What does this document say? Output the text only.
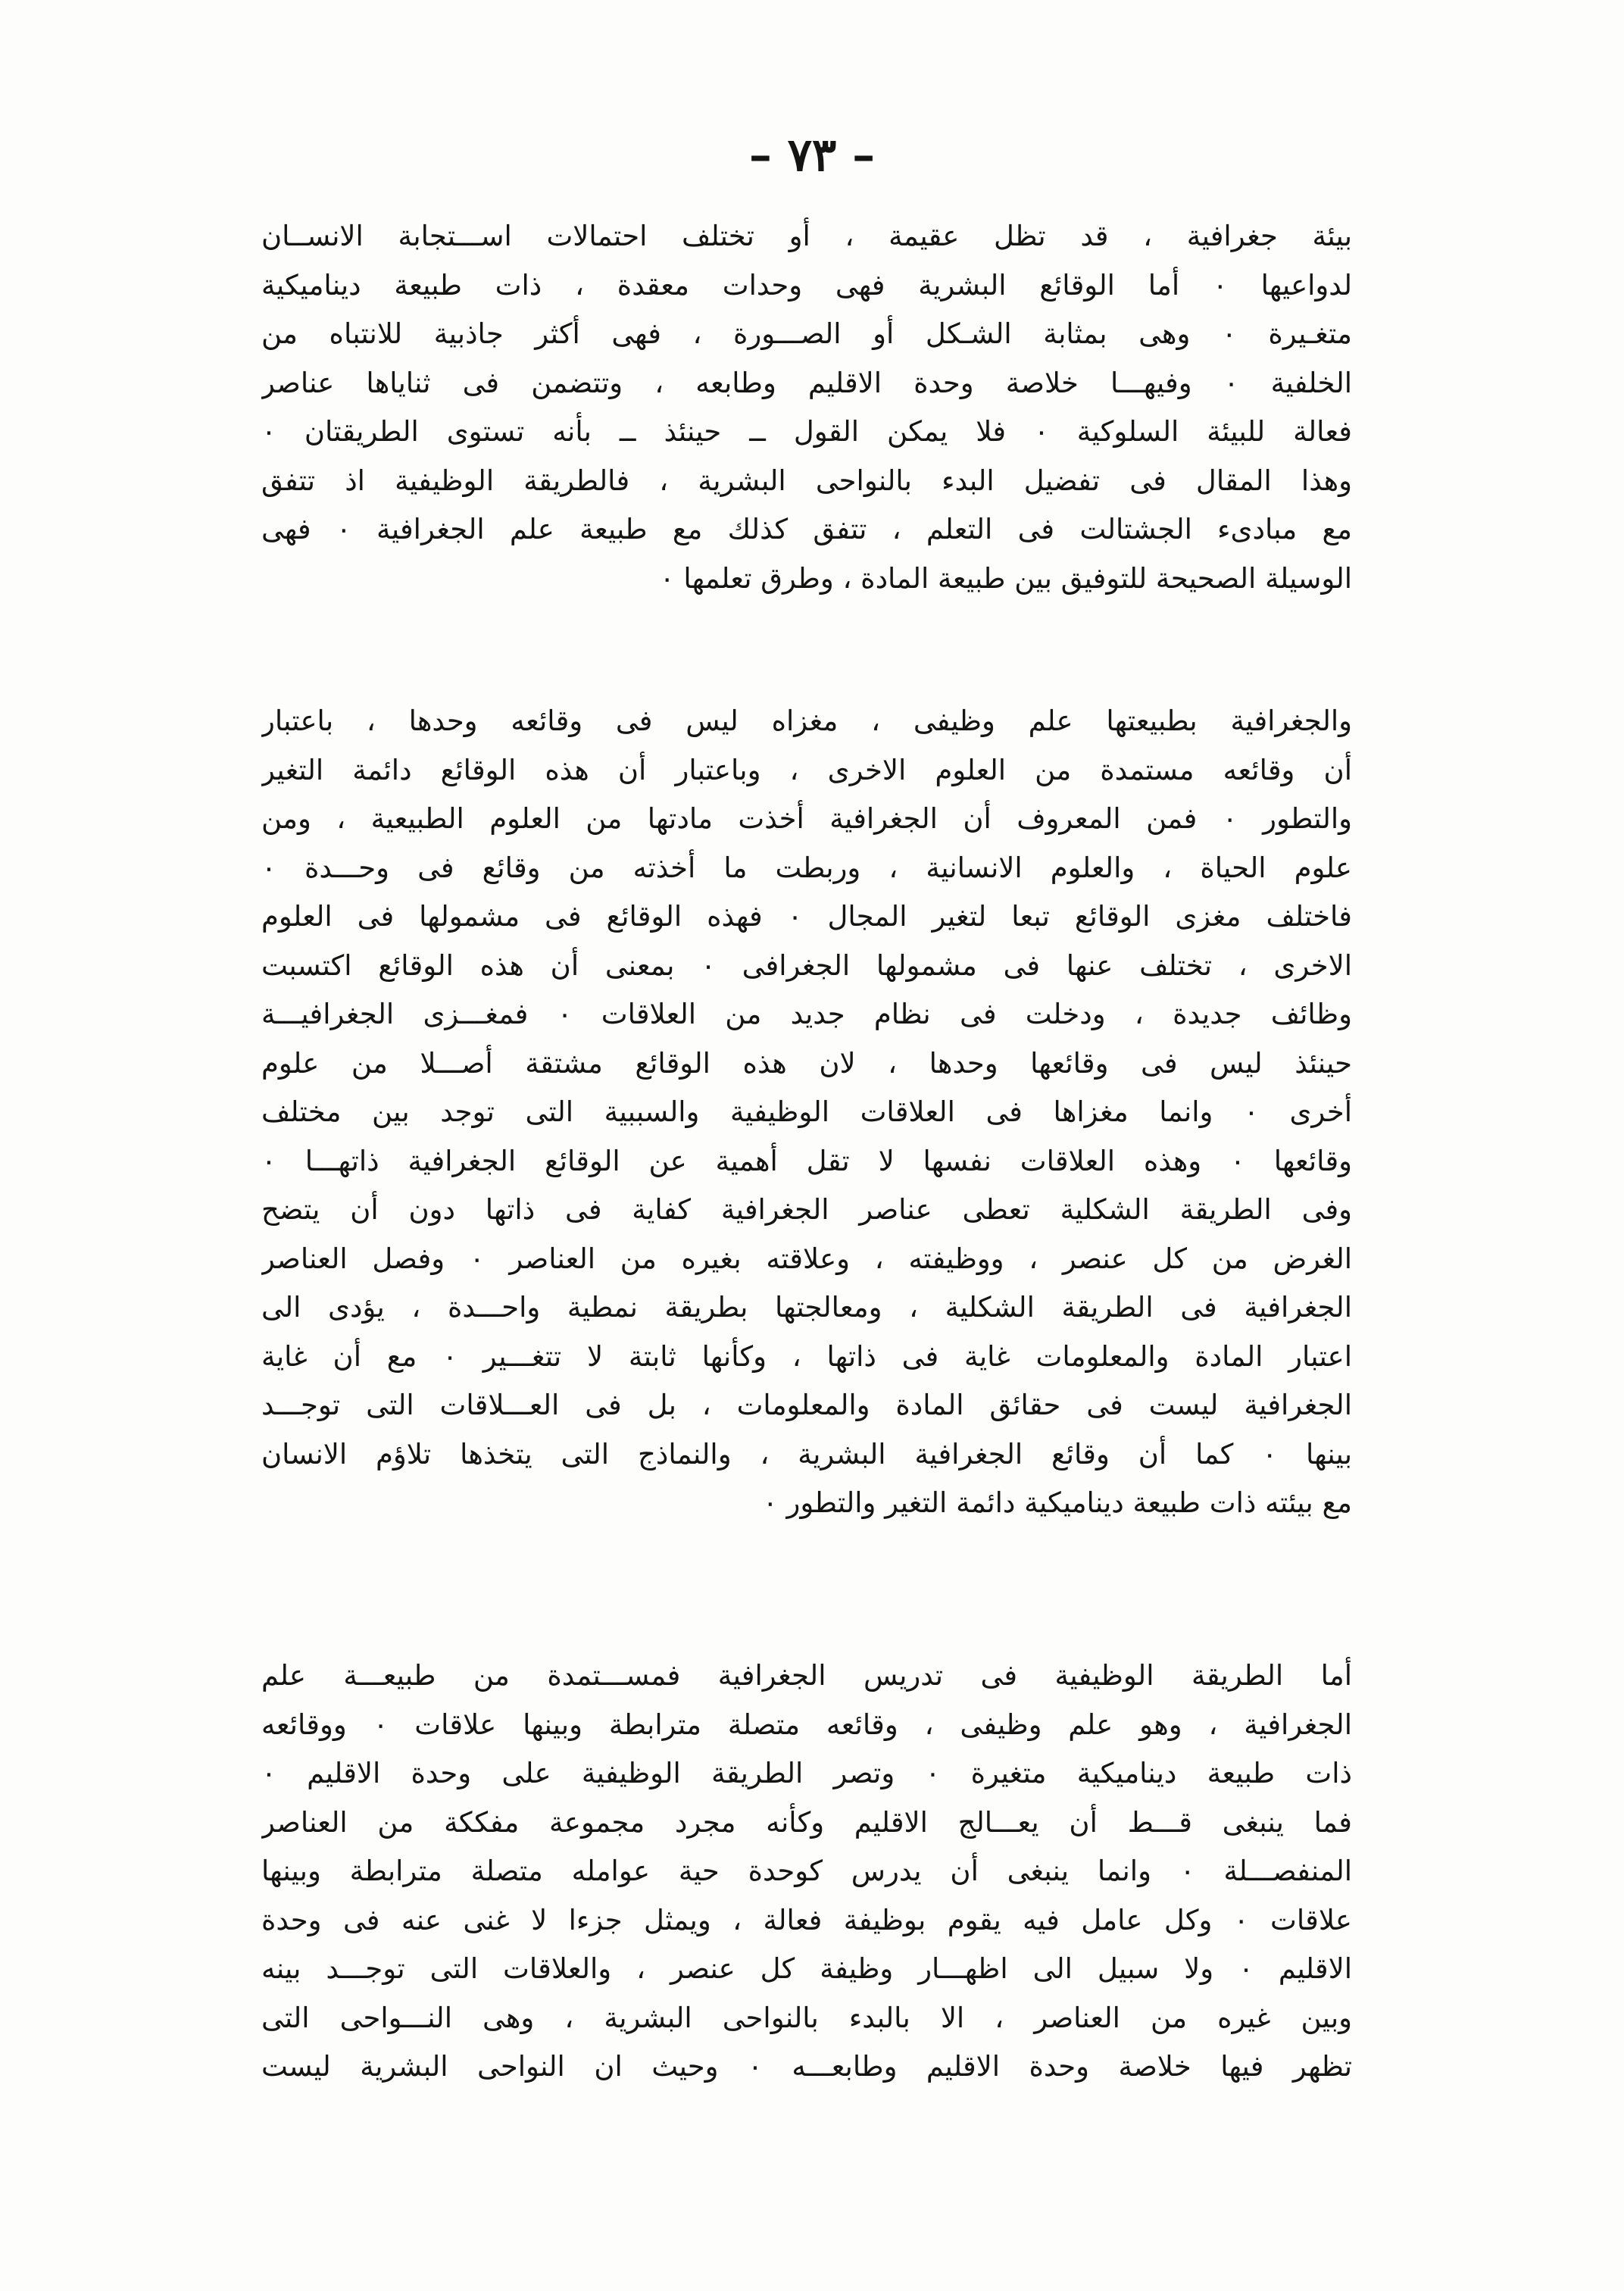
– ٧٣ –
بيئة جغرافية ، قد تظل عقيمة ، أو تختلف احتمالات اســـتجابة الانســان
لدواعيها ٠ أما الوقائع البشرية فهى وحدات معقدة ، ذات طبيعة ديناميكية
متغـيرة ٠ وهى بمثابة الشـكل أو الصـــورة ، فهى أكثر جاذبية للانتباه من
الخلفية ٠ وفيهـــا خلاصة وحدة الاقليم وطابعه ، وتتضمن فى ثناياها عناصر
فعالة للبيئة السلوكية ٠ فلا يمكن القول ــ حينئذ ــ بأنه تستوى الطريقتان ٠
وهذا المقال فى تفضيل البدء بالنواحى البشرية ، فالطريقة الوظيفية اذ تتفق
مع مبادىء الجشتالت فى التعلم ، تتفق كذلك مع طبيعة علم الجغرافية ٠ فهى
الوسيلة الصحيحة للتوفيق بين طبيعة المادة ، وطرق تعلمها ٠
والجغرافية بطبيعتها علم وظيفى ، مغزاه ليس فى وقائعه وحدها ، باعتبار
أن وقائعه مستمدة من العلوم الاخرى ، وباعتبار أن هذه الوقائع دائمة التغير
والتطور ٠ فمن المعروف أن الجغرافية أخذت مادتها من العلوم الطبيعية ، ومن
علوم الحياة ، والعلوم الانسانية ، وربطت ما أخذته من وقائع فى وحـــدة ٠
فاختلف مغزى الوقائع تبعا لتغير المجال ٠ فهذه الوقائع فى مشمولها فى العلوم
الاخرى ، تختلف عنها فى مشمولها الجغرافى ٠ بمعنى أن هذه الوقائع اكتسبت
وظائف جديدة ، ودخلت فى نظام جديد من العلاقات ٠ فمغـــزى الجغرافيـــة
حينئذ ليس فى وقائعها وحدها ، لان هذه الوقائع مشتقة أصـــلا من علوم
أخرى ٠ وانما مغزاها فى العلاقات الوظيفية والسببية التى توجد بين مختلف
وقائعها ٠ وهذه العلاقات نفسها لا تقل أهمية عن الوقائع الجغرافية ذاتهـــا ٠
وفى الطريقة الشكلية تعطى عناصر الجغرافية كفاية فى ذاتها دون أن يتضح
الغرض من كل عنصر ، ووظيفته ، وعلاقته بغيره من العناصر ٠ وفصل العناصر
الجغرافية فى الطريقة الشكلية ، ومعالجتها بطريقة نمطية واحـــدة ، يؤدى الى
اعتبار المادة والمعلومات غاية فى ذاتها ، وكأنها ثابتة لا تتغـــير ٠ مع أن غاية
الجغرافية ليست فى حقائق المادة والمعلومات ، بل فى العـــلاقات التى توجـــد
بينها ٠ كما أن وقائع الجغرافية البشرية ، والنماذج التى يتخذها تلاؤم الانسان
مع بيئته ذات طبيعة ديناميكية دائمة التغير والتطور ٠
أما الطريقة الوظيفية فى تدريس الجغرافية فمســـتمدة من طبيعـــة علم
الجغرافية ، وهو علم وظيفى ، وقائعه متصلة مترابطة وبينها علاقات ٠ ووقائعه
ذات طبيعة ديناميكية متغيرة ٠ وتصر الطريقة الوظيفية على وحدة الاقليم ٠
فما ينبغى قـــط أن يعـــالج الاقليم وكأنه مجرد مجموعة مفككة من العناصر
المنفصـــلة ٠ وانما ينبغى أن يدرس كوحدة حية عوامله متصلة مترابطة وبينها
علاقات ٠ وكل عامل فيه يقوم بوظيفة فعالة ، ويمثل جزءا لا غنى عنه فى وحدة
الاقليم ٠ ولا سبيل الى اظهـــار وظيفة كل عنصر ، والعلاقات التى توجـــد بينه
وبين غيره من العناصر ، الا بالبدء بالنواحى البشرية ، وهى النـــواحى التى
تظهر فيها خلاصة وحدة الاقليم وطابعـــه ٠ وحيث ان النواحى البشرية ليست
